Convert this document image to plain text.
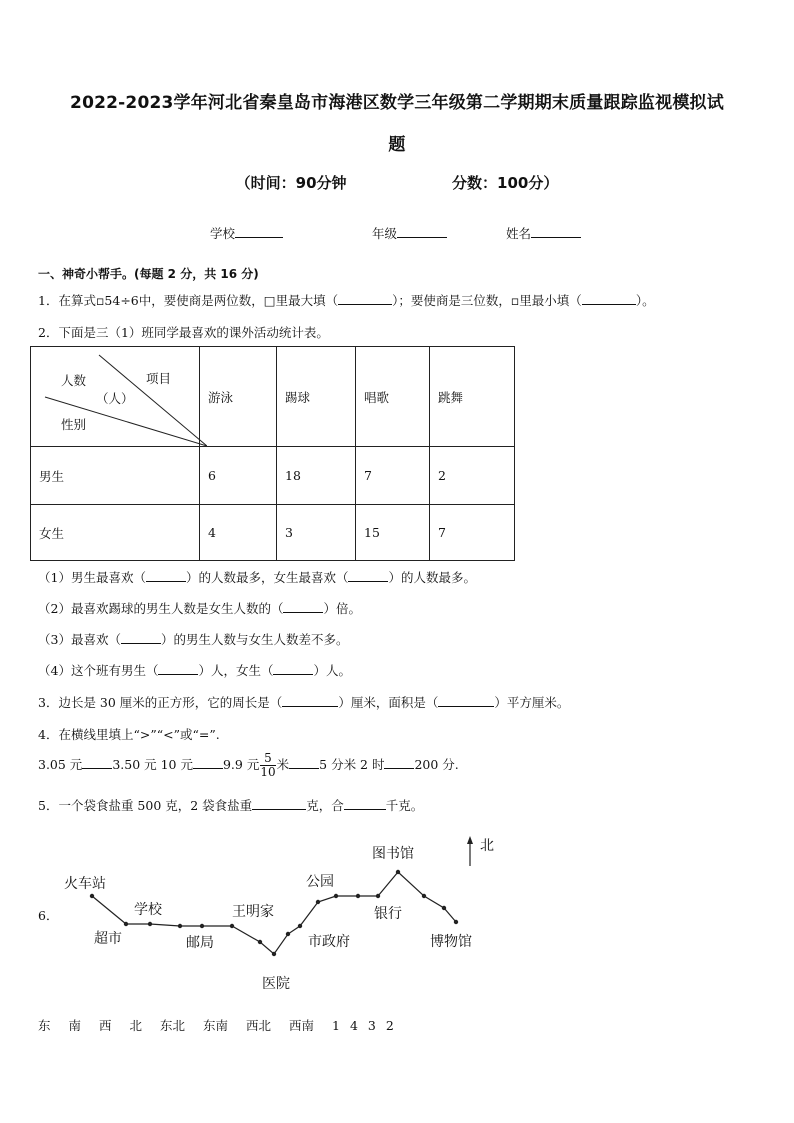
2022-2023学年河北省秦皇岛市海港区数学三年级第二学期期末质量跟踪监视模拟试
题
（时间：90分钟	分数：100分）
学校	年级	姓名
一、神奇小帮手。(每题 2 分，共 16 分)
1．在算式▫54÷6中，要使商是两位数，□里最大填（	）；要使商是三位数，▫里最小填（	）。
2．下面是三（1）班同学最喜欢的课外活动统计表。
项目
人数
（人）
性别	游泳	踢球	唱歌	跳舞
男生	6	18	7	2
女生	4	3	15	7
（1）男生最喜欢（	）的人数最多，女生最喜欢（	）的人数最多。
（2）最喜欢踢球的男生人数是女生人数的（	）倍。
（3）最喜欢（	）的男生人数与女生人数差不多。
（4）这个班有男生（	）人，女生（	）人。
3．边长是 30 厘米的正方形，它的周长是（	）厘米，面积是（	）平方厘米。
4．在横线里填上“>”“<”或“=”.
3.05 元 3.50 元 10 元 9.9 元 $\frac{5}{10}$ 米 5 分米 2 时 200 分.
5．一个袋食盐重 500 克，2 袋食盐重	克，合	千克。
6．
北
火车站
超市
学校
邮局
王明家
医院
市政府
公园
图书馆
银行
博物馆
东 南 西 北 东北 东南 西北 西南 1 4 3 2
